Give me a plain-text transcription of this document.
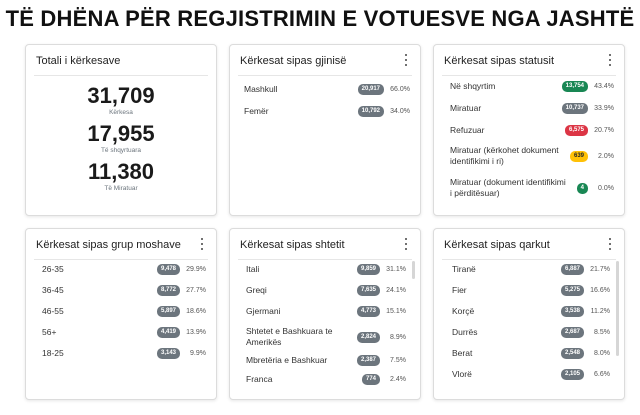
TË DHËNA PËR REGJISTRIMIN E VOTUESVE NGA JASHTË
Totali i kërkesave
31,709
Kërkesa
17,955
Të shqyrtuara
11,380
Të Miratuar
Kërkesat sipas gjinisë
Mashkull	20,917	66.0%
Femër	10,792	34.0%
Kërkesat sipas statusit
Në shqyrtim	13,754	43.4%
Miratuar	10,737	33.9%
Refuzuar	6,575	20.7%
Miratuar (kërkohet dokument identifikimi i ri)
639	2.0%
Miratuar (dokument identifikimi i përditësuar)
4	0.0%
Kërkesat sipas grup moshave
26-35	9,478	29.9%
36-45	8,772	27.7%
46-55	5,897	18.6%
56+	4,419	13.9%
18-25	3,143	9.9%
Kërkesat sipas shtetit
Itali	9,859	31.1%
Greqi	7,635	24.1%
Gjermani	4,773	15.1%
Shtetet e Bashkuara te Amerikës
2,824	8.9%
Mbretëria e Bashkuar	2,387	7.5%
Franca	774	2.4%
Kërkesat sipas qarkut
Tiranë	6,887	21.7%
Fier	5,275	16.6%
Korçë	3,538	11.2%
Durrës	2,687	8.5%
Berat	2,548	8.0%
Vlorë	2,105	6.6%
